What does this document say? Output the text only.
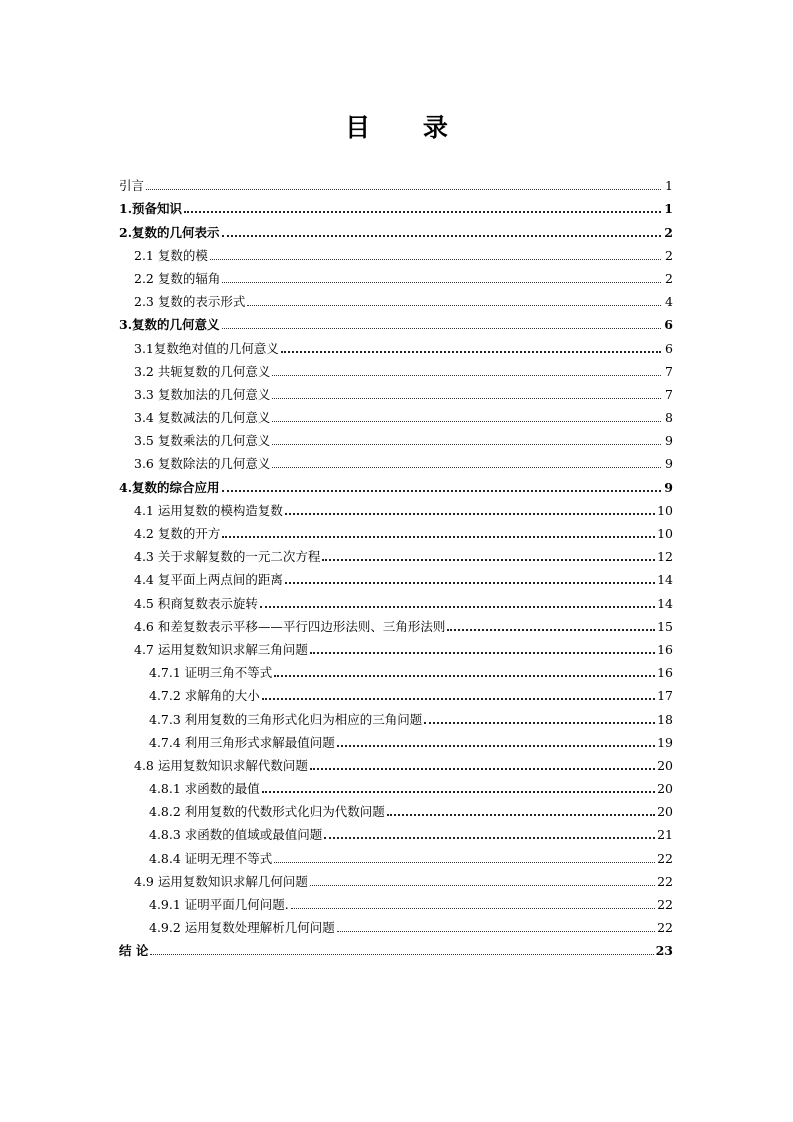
目 录
引言	1
1.预备知识	1
2.复数的几何表示	2
2.1 复数的模	2
2.2 复数的辐角	2
2.3 复数的表示形式	4
3.复数的几何意义	6
3.1复数绝对值的几何意义	6
3.2 共轭复数的几何意义	7
3.3 复数加法的几何意义	7
3.4 复数减法的几何意义	8
3.5 复数乘法的几何意义	9
3.6 复数除法的几何意义	9
4.复数的综合应用	9
4.1 运用复数的模构造复数	10
4.2 复数的开方	10
4.3 关于求解复数的一元二次方程	12
4.4 复平面上两点间的距离	14
4.5 积商复数表示旋转	14
4.6 和差复数表示平移——平行四边形法则、三角形法则	15
4.7 运用复数知识求解三角问题	16
4.7.1 证明三角不等式	16
4.7.2 求解角的大小	17
4.7.3 利用复数的三角形式化归为相应的三角问题	18
4.7.4 利用三角形式求解最值问题	19
4.8 运用复数知识求解代数问题	20
4.8.1 求函数的最值	20
4.8.2 利用复数的代数形式化归为代数问题	20
4.8.3 求函数的值域或最值问题	21
4.8.4 证明无理不等式	22
4.9 运用复数知识求解几何问题	22
4.9.1 证明平面几何问题.	22
4.9.2 运用复数处理解析几何问题	22
结 论	23
